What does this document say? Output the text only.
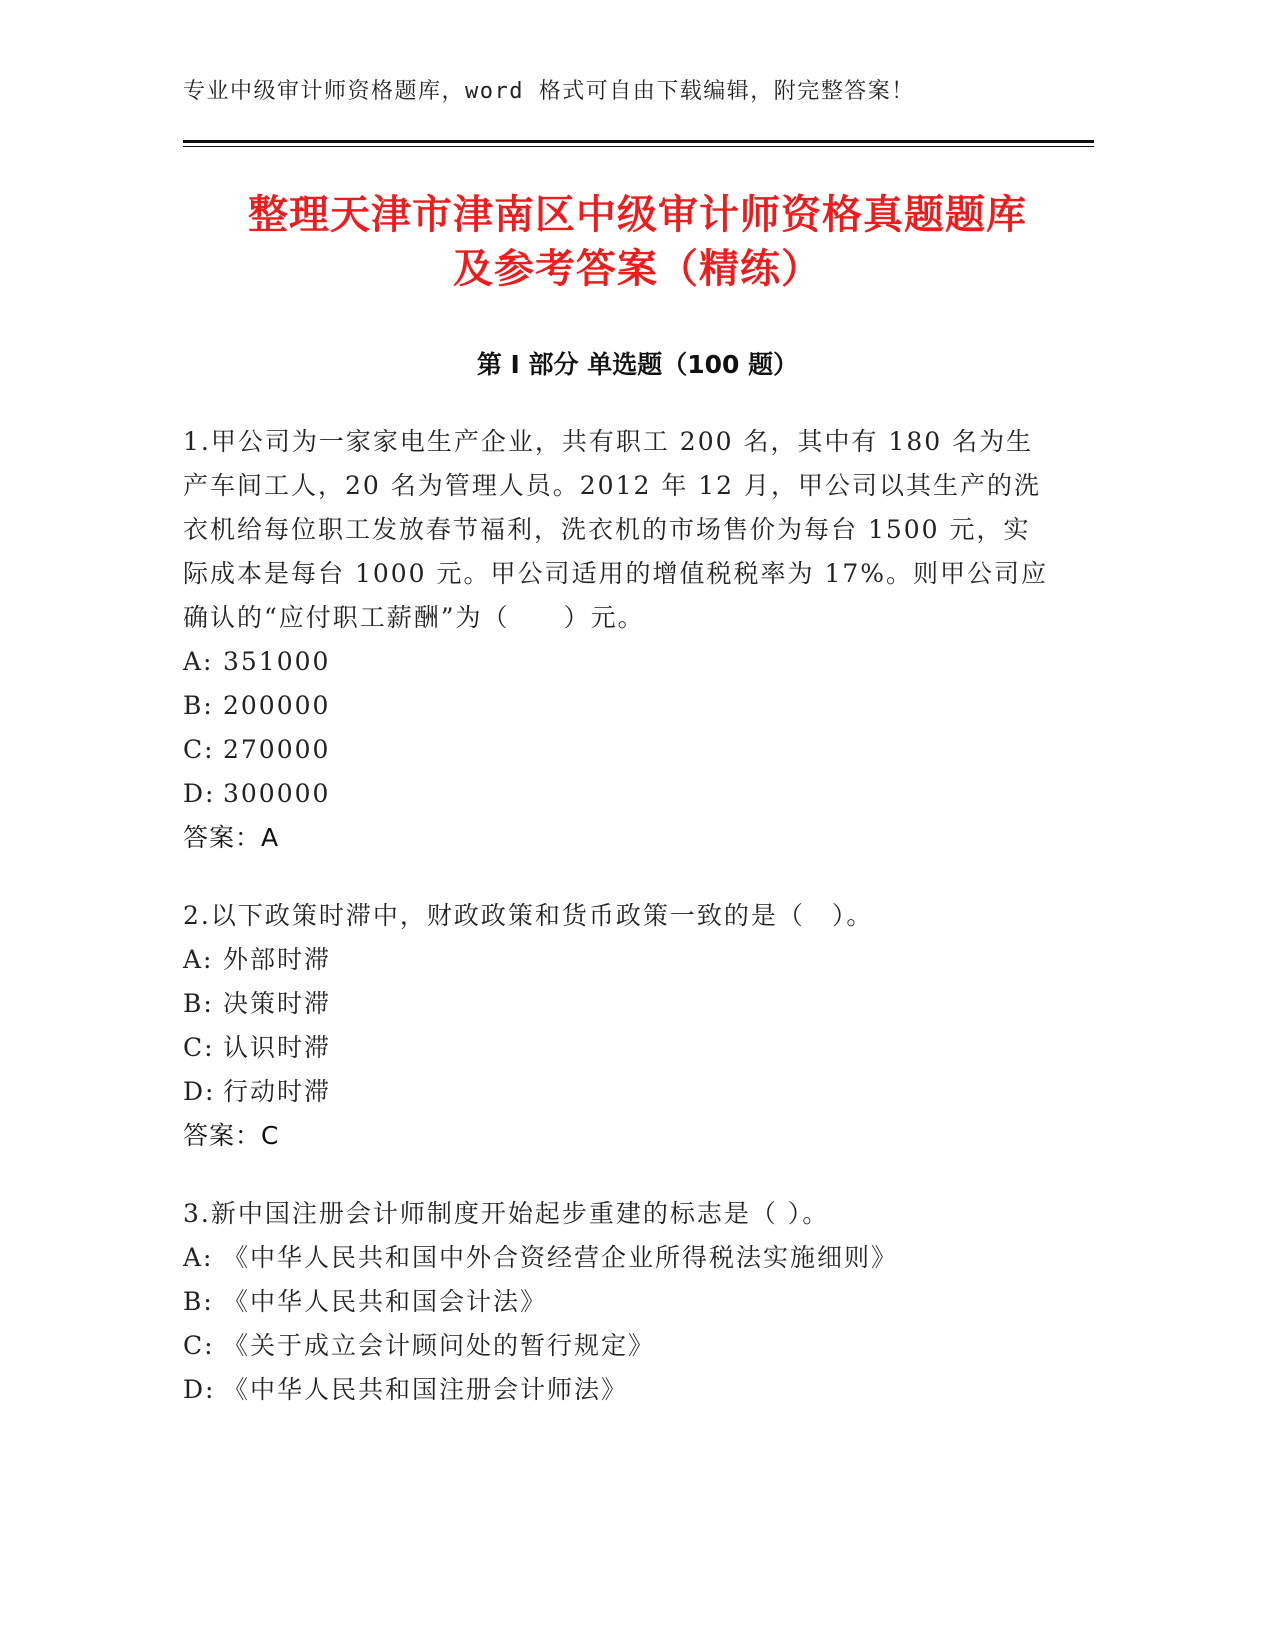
专业中级审计师资格题库，word 格式可自由下载编辑，附完整答案！
整理天津市津南区中级审计师资格真题题库
及参考答案（精练）
第 I 部分 单选题（100 题）

1.甲公司为一家家电生产企业，共有职工 200 名，其中有 180 名为生产车间工人，20 名为管理人员。2012 年 12 月，甲公司以其生产的洗衣机给每位职工发放春节福利，洗衣机的市场售价为每台 1500 元，实际成本是每台 1000 元。甲公司适用的增值税税率为 17%。则甲公司应确认的“应付职工薪酬”为（　　）元。

A: 351000
B: 200000
C: 270000
D: 300000
答案：A

2.以下政策时滞中，财政政策和货币政策一致的是（　）。

A: 外部时滞
B: 决策时滞
C: 认识时滞
D: 行动时滞
答案：C

3.新中国注册会计师制度开始起步重建的标志是（ ）。

A: 《中华人民共和国中外合资经营企业所得税法实施细则》
B: 《中华人民共和国会计法》
C: 《关于成立会计顾问处的暂行规定》
D: 《中华人民共和国注册会计师法》
